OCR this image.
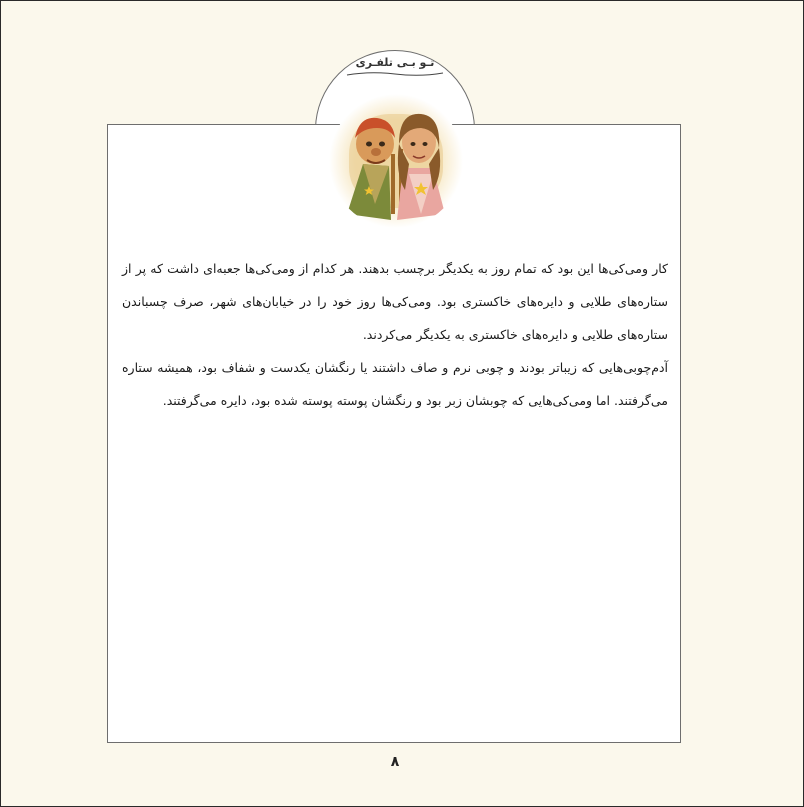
تـو بـی تلفـری

کار ومی‌کی‌ها این بود که تمام روز به یکدیگر برچسب بدهند. هر کدام از ومی‌کی‌ها جعبه‌ای داشت که پر از ستاره‌های طلایی و دایره‌های خاکستری بود. ومی‌کی‌ها روز خود را در خیابان‌های شهر، صرف چسباندن ستاره‌های طلایی و دایره‌های خاکستری به یکدیگر می‌کردند.

آدم‌چوبی‌هایی که زیباتر بودند و چوبی نرم و صاف داشتند یا رنگشان یکدست و شفاف بود، همیشه ستاره می‌گرفتند. اما ومی‌کی‌هایی که چوبشان زبر بود و رنگشان پوسته پوسته شده بود، دایره می‌گرفتند.

۸
